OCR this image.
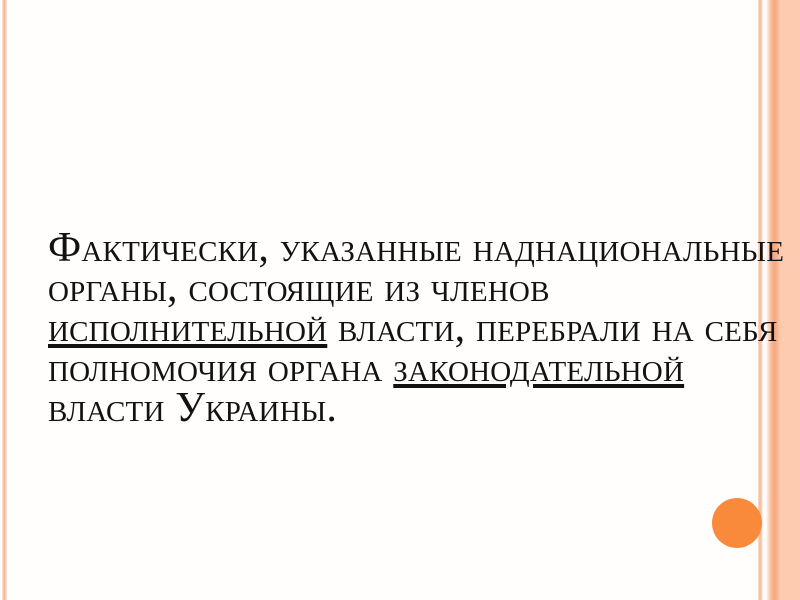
Фактически, указанные наднациональные
органы, состоящие из членов
исполнительной власти, перебрали на себя
полномочия органа законодательной
власти Украины.
